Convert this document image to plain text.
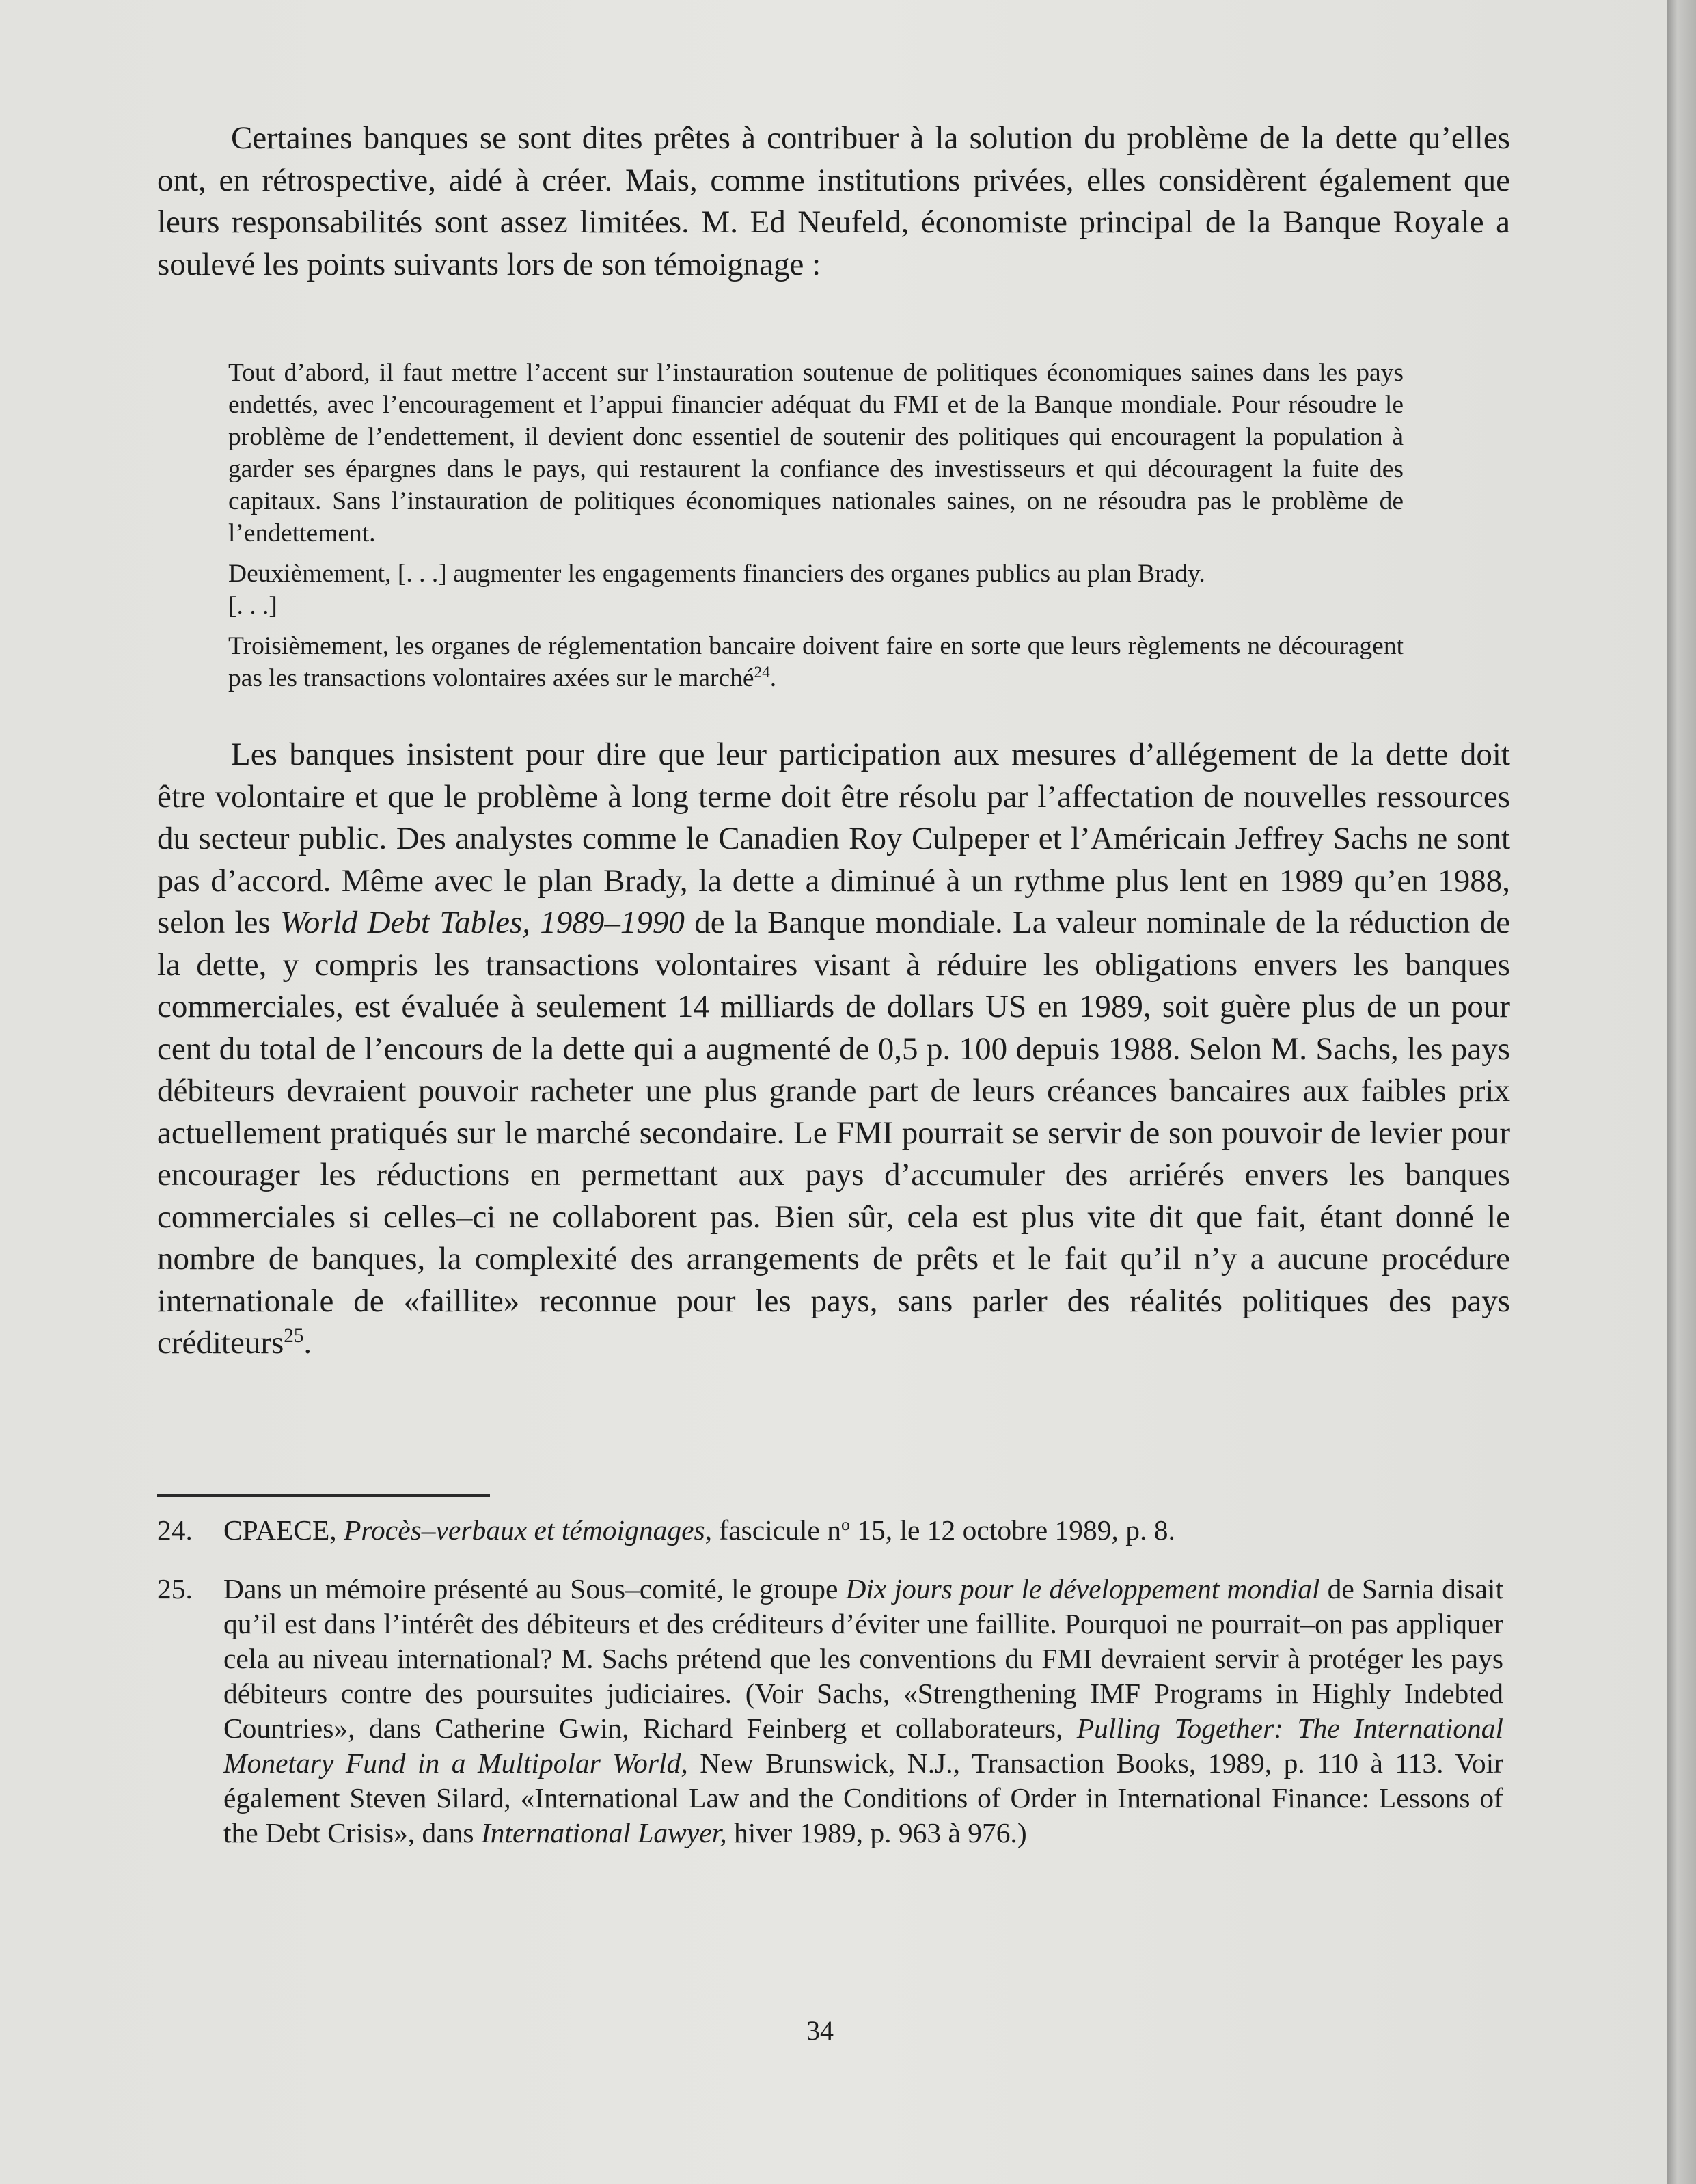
Certaines banques se sont dites prêtes à contribuer à la solution du problème de la dette qu’elles ont, en rétrospective, aidé à créer. Mais, comme institutions privées, elles considèrent également que leurs responsabilités sont assez limitées. M. Ed Neufeld, économiste principal de la Banque Royale a soulevé les points suivants lors de son témoignage :

Tout d’abord, il faut mettre l’accent sur l’instauration soutenue de politiques économiques saines dans les pays endettés, avec l’encouragement et l’appui financier adéquat du FMI et de la Banque mondiale. Pour résoudre le problème de l’endettement, il devient donc essentiel de soutenir des politiques qui encouragent la population à garder ses épargnes dans le pays, qui restaurent la confiance des investisseurs et qui découragent la fuite des capitaux. Sans l’instauration de politiques économiques nationales saines, on ne résoudra pas le problème de l’endettement.

Deuxièmement, [. . .] augmenter les engagements financiers des organes publics au plan Brady.

[. . .]

Troisièmement, les organes de réglementation bancaire doivent faire en sorte que leurs règlements ne découragent pas les transactions volontaires axées sur le marché$^{24}$.

Les banques insistent pour dire que leur participation aux mesures d’allégement de la dette doit être volontaire et que le problème à long terme doit être résolu par l’affectation de nouvelles ressources du secteur public. Des analystes comme le Canadien Roy Culpeper et l’Américain Jeffrey Sachs ne sont pas d’accord. Même avec le plan Brady, la dette a diminué à un rythme plus lent en 1989 qu’en 1988, selon les World Debt Tables, 1989–1990 de la Banque mondiale. La valeur nominale de la réduction de la dette, y compris les transactions volontaires visant à réduire les obligations envers les banques commerciales, est évaluée à seulement 14 milliards de dollars US en 1989, soit guère plus de un pour cent du total de l’encours de la dette qui a augmenté de 0,5 p. 100 depuis 1988. Selon M. Sachs, les pays débiteurs devraient pouvoir racheter une plus grande part de leurs créances bancaires aux faibles prix actuellement pratiqués sur le marché secondaire. Le FMI pourrait se servir de son pouvoir de levier pour encourager les réductions en permettant aux pays d’accumuler des arriérés envers les banques commerciales si celles–ci ne collaborent pas. Bien sûr, cela est plus vite dit que fait, étant donné le nombre de banques, la complexité des arrangements de prêts et le fait qu’il n’y a aucune procédure internationale de «faillite» reconnue pour les pays, sans parler des réalités politiques des pays créditeurs$^{25}$.

24.	CPAECE, Procès–verbaux et témoignages, fascicule $n^o$ 15, le 12 octobre 1989, p. 8.
25.	Dans un mémoire présenté au Sous–comité, le groupe Dix jours pour le développement mondial de Sarnia disait qu’il est dans l’intérêt des débiteurs et des créditeurs d’éviter une faillite. Pourquoi ne pourrait–on pas appliquer cela au niveau international? M. Sachs prétend que les conventions du FMI devraient servir à protéger les pays débiteurs contre des poursuites judiciaires. (Voir Sachs, «Strengthening IMF Programs in Highly Indebted Countries», dans Catherine Gwin, Richard Feinberg et collaborateurs, Pulling Together: The International Monetary Fund in a Multipolar World, New Brunswick, N.J., Transaction Books, 1989, p. 110 à 113. Voir également Steven Silard, «International Law and the Conditions of Order in International Finance: Lessons of the Debt Crisis», dans International Lawyer, hiver 1989, p. 963 à 976.)
34
